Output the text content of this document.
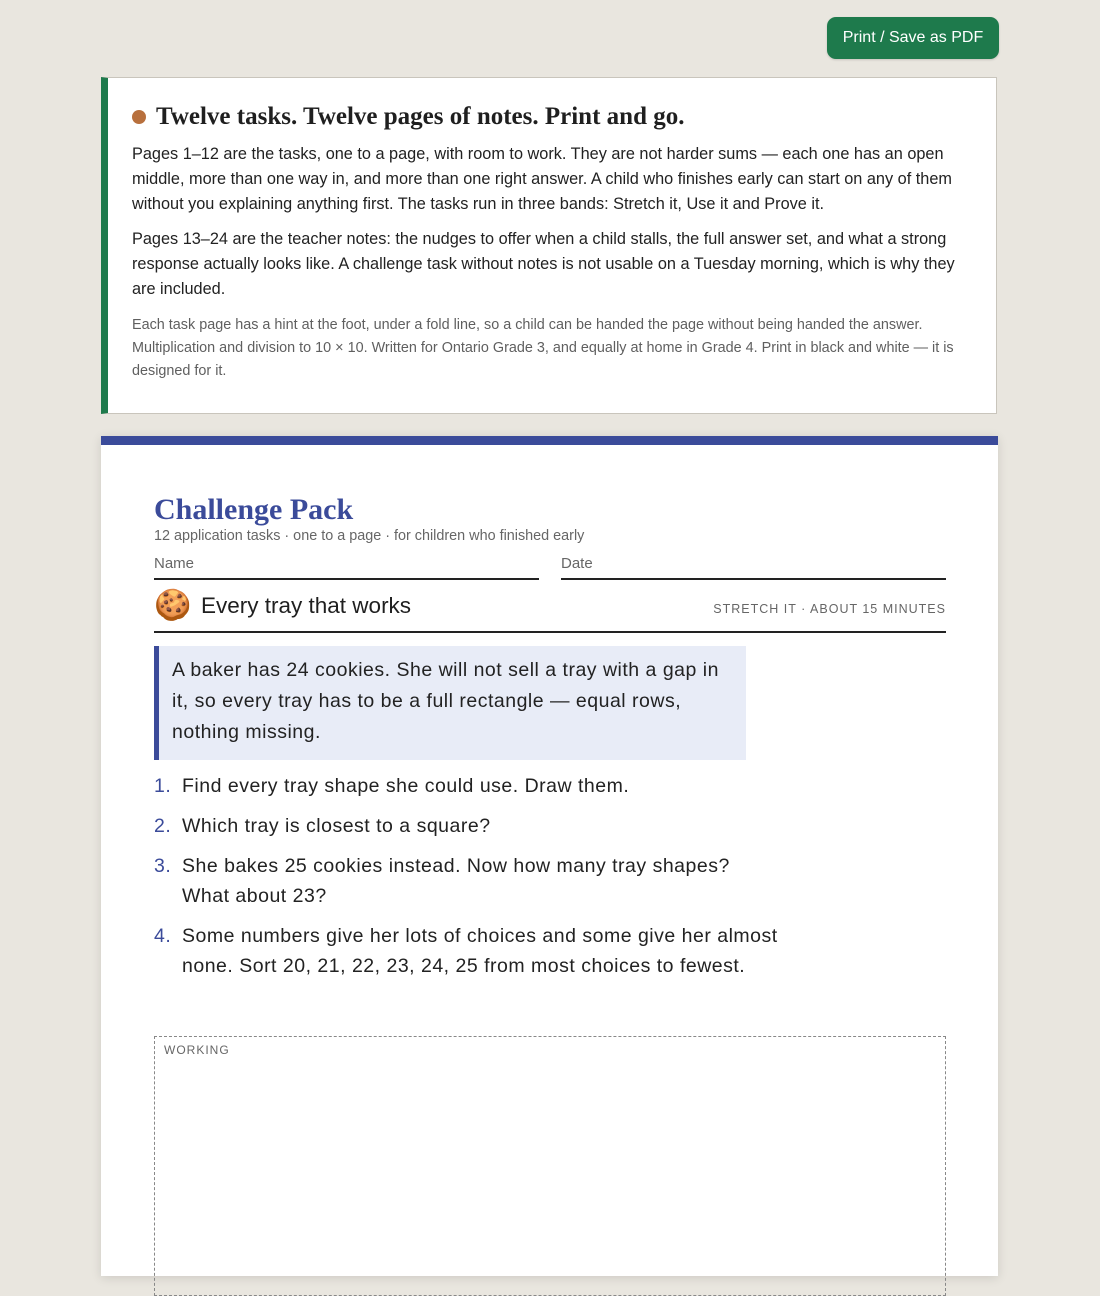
Print / Save as PDF
Twelve tasks. Twelve pages of notes. Print and go.

Pages 1–12 are the tasks, one to a page, with room to work. They are not harder sums — each one has an open middle, more than one way in, and more than one right answer. A child who finishes early can start on any of them without you explaining anything first. The tasks run in three bands: Stretch it, Use it and Prove it.

Pages 13–24 are the teacher notes: the nudges to offer when a child stalls, the full answer set, and what a strong response actually looks like. A challenge task without notes is not usable on a Tuesday morning, which is why they are included.

Each task page has a hint at the foot, under a fold line, so a child can be handed the page without being handed the answer. Multiplication and division to 10 × 10. Written for Ontario Grade 3, and equally at home in Grade 4. Print in black and white — it is designed for it.

Challenge Pack
12 application tasks · one to a page · for children who finished early
Name	Date
🍪 Every tray that works	STRETCH IT · ABOUT 15 MINUTES
A baker has 24 cookies. She will not sell a tray with a gap in it, so every tray has to be a full rectangle — equal rows, nothing missing.
1. Find every tray shape she could use. Draw them.
2. Which tray is closest to a square?
3. She bakes 25 cookies instead. Now how many tray shapes? What about 23?
4. Some numbers give her lots of choices and some give her almost none. Sort 20, 21, 22, 23, 24, 25 from most choices to fewest.
WORKING
